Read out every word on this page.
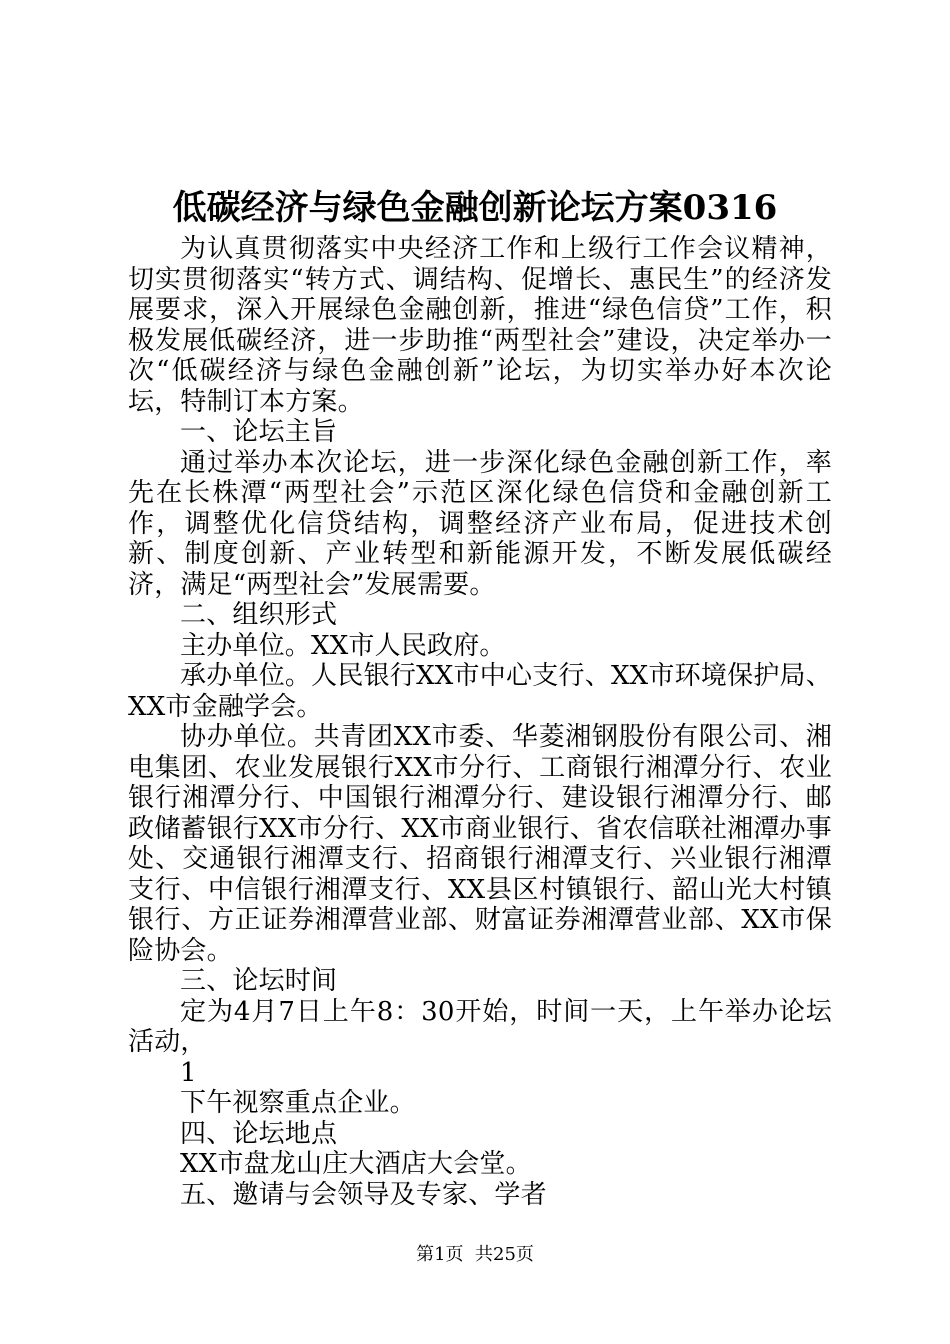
低碳经济与绿色金融创新论坛方案0316

为认真贯彻落实中央经济工作和上级行工作会议精神，切实贯彻落实“转方式、调结构、促增长、惠民生”的经济发展要求，深入开展绿色金融创新，推进“绿色信贷”工作，积极发展低碳经济，进一步助推“两型社会”建设，决定举办一次“低碳经济与绿色金融创新”论坛，为切实举办好本次论坛，特制订本方案。

一、论坛主旨

通过举办本次论坛，进一步深化绿色金融创新工作，率先在长株潭“两型社会”示范区深化绿色信贷和金融创新工作，调整优化信贷结构，调整经济产业布局，促进技术创新、制度创新、产业转型和新能源开发，不断发展低碳经济，满足“两型社会”发展需要。

二、组织形式

主办单位。XX市人民政府。

承办单位。人民银行XX市中心支行、XX市环境保护局、XX市金融学会。

协办单位。共青团XX市委、华菱湘钢股份有限公司、湘电集团、农业发展银行XX市分行、工商银行湘潭分行、农业银行湘潭分行、中国银行湘潭分行、建设银行湘潭分行、邮政储蓄银行XX市分行、XX市商业银行、省农信联社湘潭办事处、交通银行湘潭支行、招商银行湘潭支行、兴业银行湘潭支行、中信银行湘潭支行、XX县区村镇银行、韶山光大村镇银行、方正证券湘潭营业部、财富证券湘潭营业部、XX市保险协会。

三、论坛时间

定为4月7日上午8：30开始，时间一天，上午举办论坛活动，

1

下午视察重点企业。

四、论坛地点

XX市盘龙山庄大酒店大会堂。

五、邀请与会领导及专家、学者

第1页  共25页
